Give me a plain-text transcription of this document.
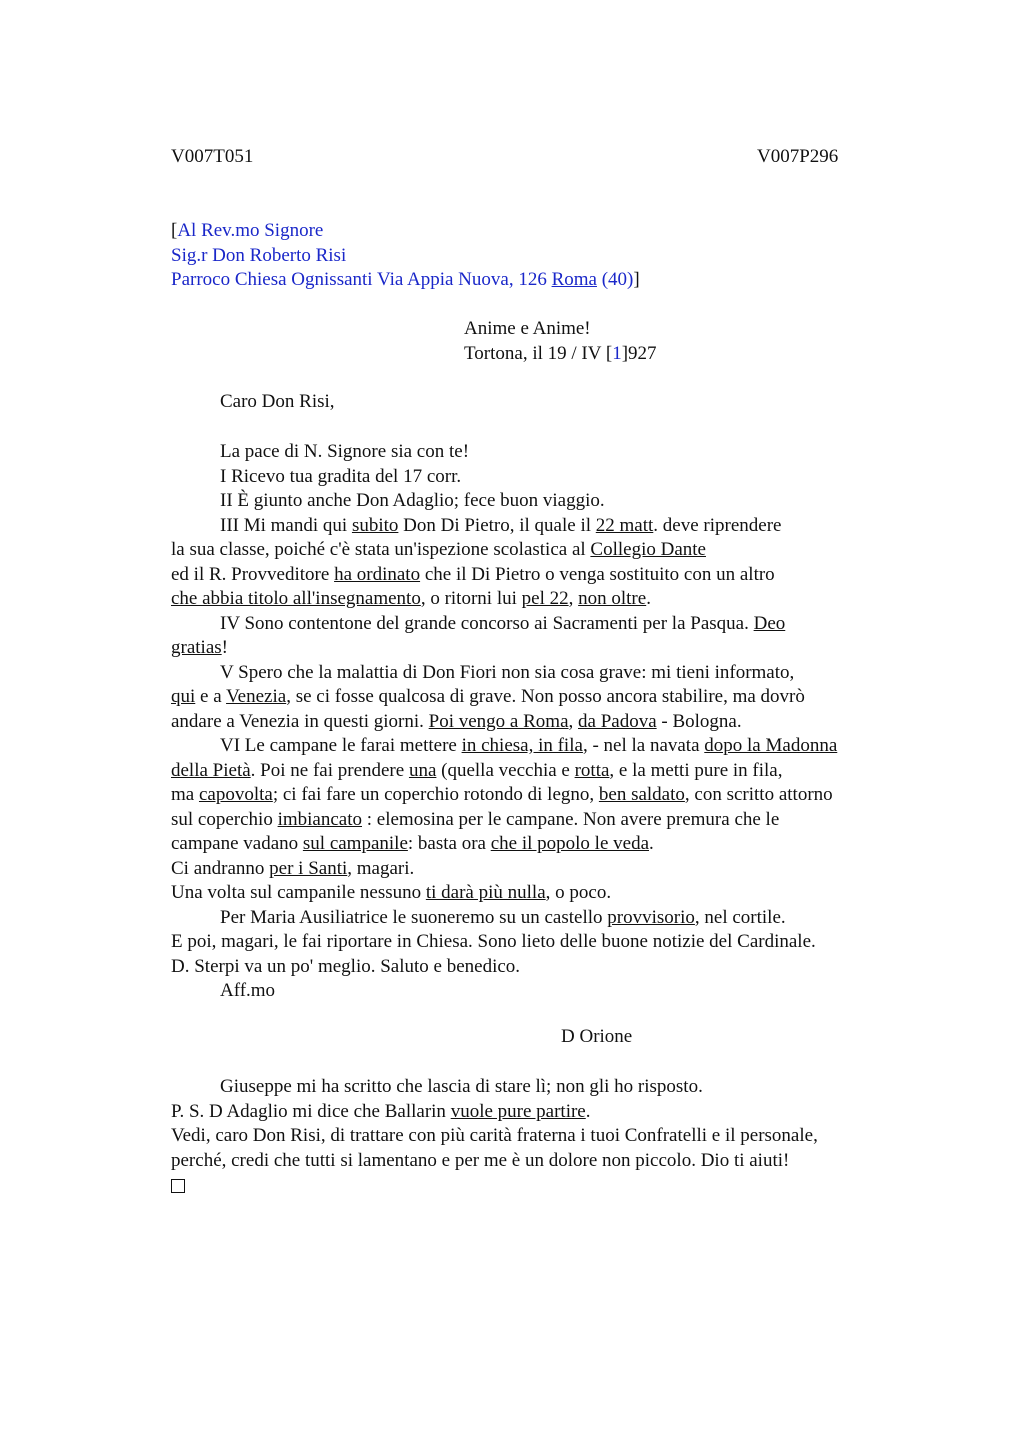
V007T051	V007P296
[Al Rev.mo Signore
Sig.r Don Roberto Risi
Parroco Chiesa Ognissanti Via Appia Nuova, 126 Roma (40)]
Anime e Anime!
Tortona, il 19 / IV [1]927
Caro Don Risi,
La pace di N. Signore sia con te!
I Ricevo tua gradita del 17 corr.
II È giunto anche Don Adaglio; fece buon viaggio.
III Mi mandi qui subito Don Di Pietro, il quale il 22 matt. deve riprendere
la sua classe, poiché c'è stata un'ispezione scolastica al Collegio Dante
ed il R. Provveditore ha ordinato che il Di Pietro o venga sostituito con un altro
che abbia titolo all'insegnamento, o ritorni lui pel 22, non oltre.
IV Sono contentone del grande concorso ai Sacramenti per la Pasqua. Deo
gratias!
V Spero che la malattia di Don Fiori non sia cosa grave: mi tieni informato,
qui e a Venezia, se ci fosse qualcosa di grave. Non posso ancora stabilire, ma dovrò
andare a Venezia in questi giorni. Poi vengo a Roma, da Padova - Bologna.
VI Le campane le farai mettere in chiesa, in fila, - nel la navata dopo la Madonna
della Pietà. Poi ne fai prendere una (quella vecchia e rotta, e la metti pure in fila,
ma capovolta; ci fai fare un coperchio rotondo di legno, ben saldato, con scritto attorno
sul coperchio imbiancato : elemosina per le campane. Non avere premura che le
campane vadano sul campanile: basta ora che il popolo le veda.
Ci andranno per i Santi, magari.
Una volta sul campanile nessuno ti darà più nulla, o poco.
Per Maria Ausiliatrice le suoneremo su un castello provvisorio, nel cortile.
E poi, magari, le fai riportare in Chiesa. Sono lieto delle buone notizie del Cardinale.
D. Sterpi va un po' meglio. Saluto e benedico.
Aff.mo
D Orione
Giuseppe mi ha scritto che lascia di stare lì; non gli ho risposto.
P. S. D Adaglio mi dice che Ballarin vuole pure partire.
Vedi, caro Don Risi, di trattare con più carità fraterna i tuoi Confratelli e il personale,
perché, credi che tutti si lamentano e per me è un dolore non piccolo. Dio ti aiuti!
